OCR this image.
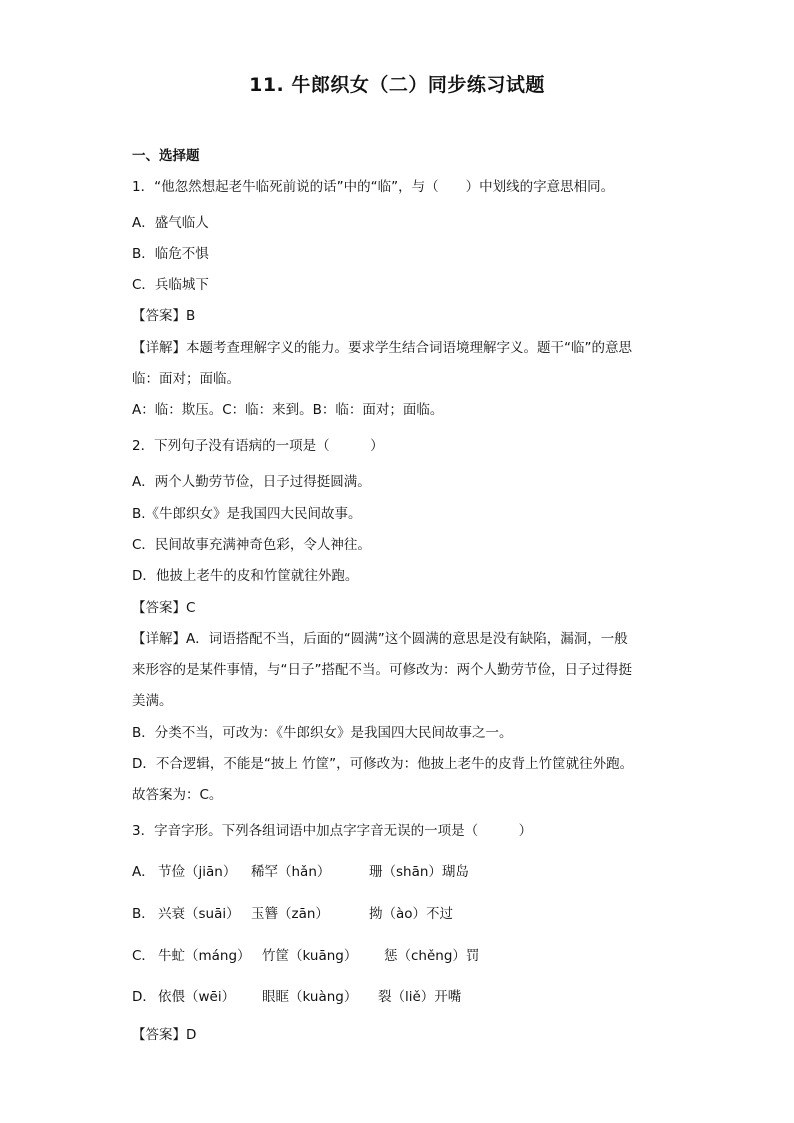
11. 牛郎织女（二）同步练习试题
一、选择题
1．“他忽然想起老牛临死前说的话”中的“临”，与（　　）中划线的字意思相同。
A．盛气临人
B．临危不惧
C．兵临城下
【答案】B
【详解】本题考查理解字义的能力。要求学生结合词语境理解字义。题干“临”的意思
临：面对；面临。
A：临：欺压。C：临：来到。B：临：面对；面临。
2．下列句子没有语病的一项是（　　　）
A．两个人勤劳节俭，日子过得挺圆满。
B.《牛郎织女》是我国四大民间故事。
C．民间故事充满神奇色彩，令人神往。
D．他披上老牛的皮和竹筐就往外跑。
【答案】C
【详解】A．词语搭配不当，后面的“圆满”这个圆满的意思是没有缺陷，漏洞，一般
来形容的是某件事情，与“日子”搭配不当。可修改为：两个人勤劳节俭，日子过得挺
美满。
B．分类不当，可改为：《牛郎织女》是我国四大民间故事之一。
D．不合逻辑，不能是“披上 竹筐”，可修改为：他披上老牛的皮背上竹筐就往外跑。
故答案为：C。
3．字音字形。下列各组词语中加点字字音无误的一项是（　　　）
A． 节俭（jiān） 稀罕（hǎn）	珊（shān）瑚岛
B． 兴衰（suāi） 玉簪（zān）	拗（ào）不过
C． 牛虻（máng） 竹筐（kuāng） 惩（chěng）罚
D． 依偎（wēi） 眼眶（kuàng） 裂（liě）开嘴
【答案】D
